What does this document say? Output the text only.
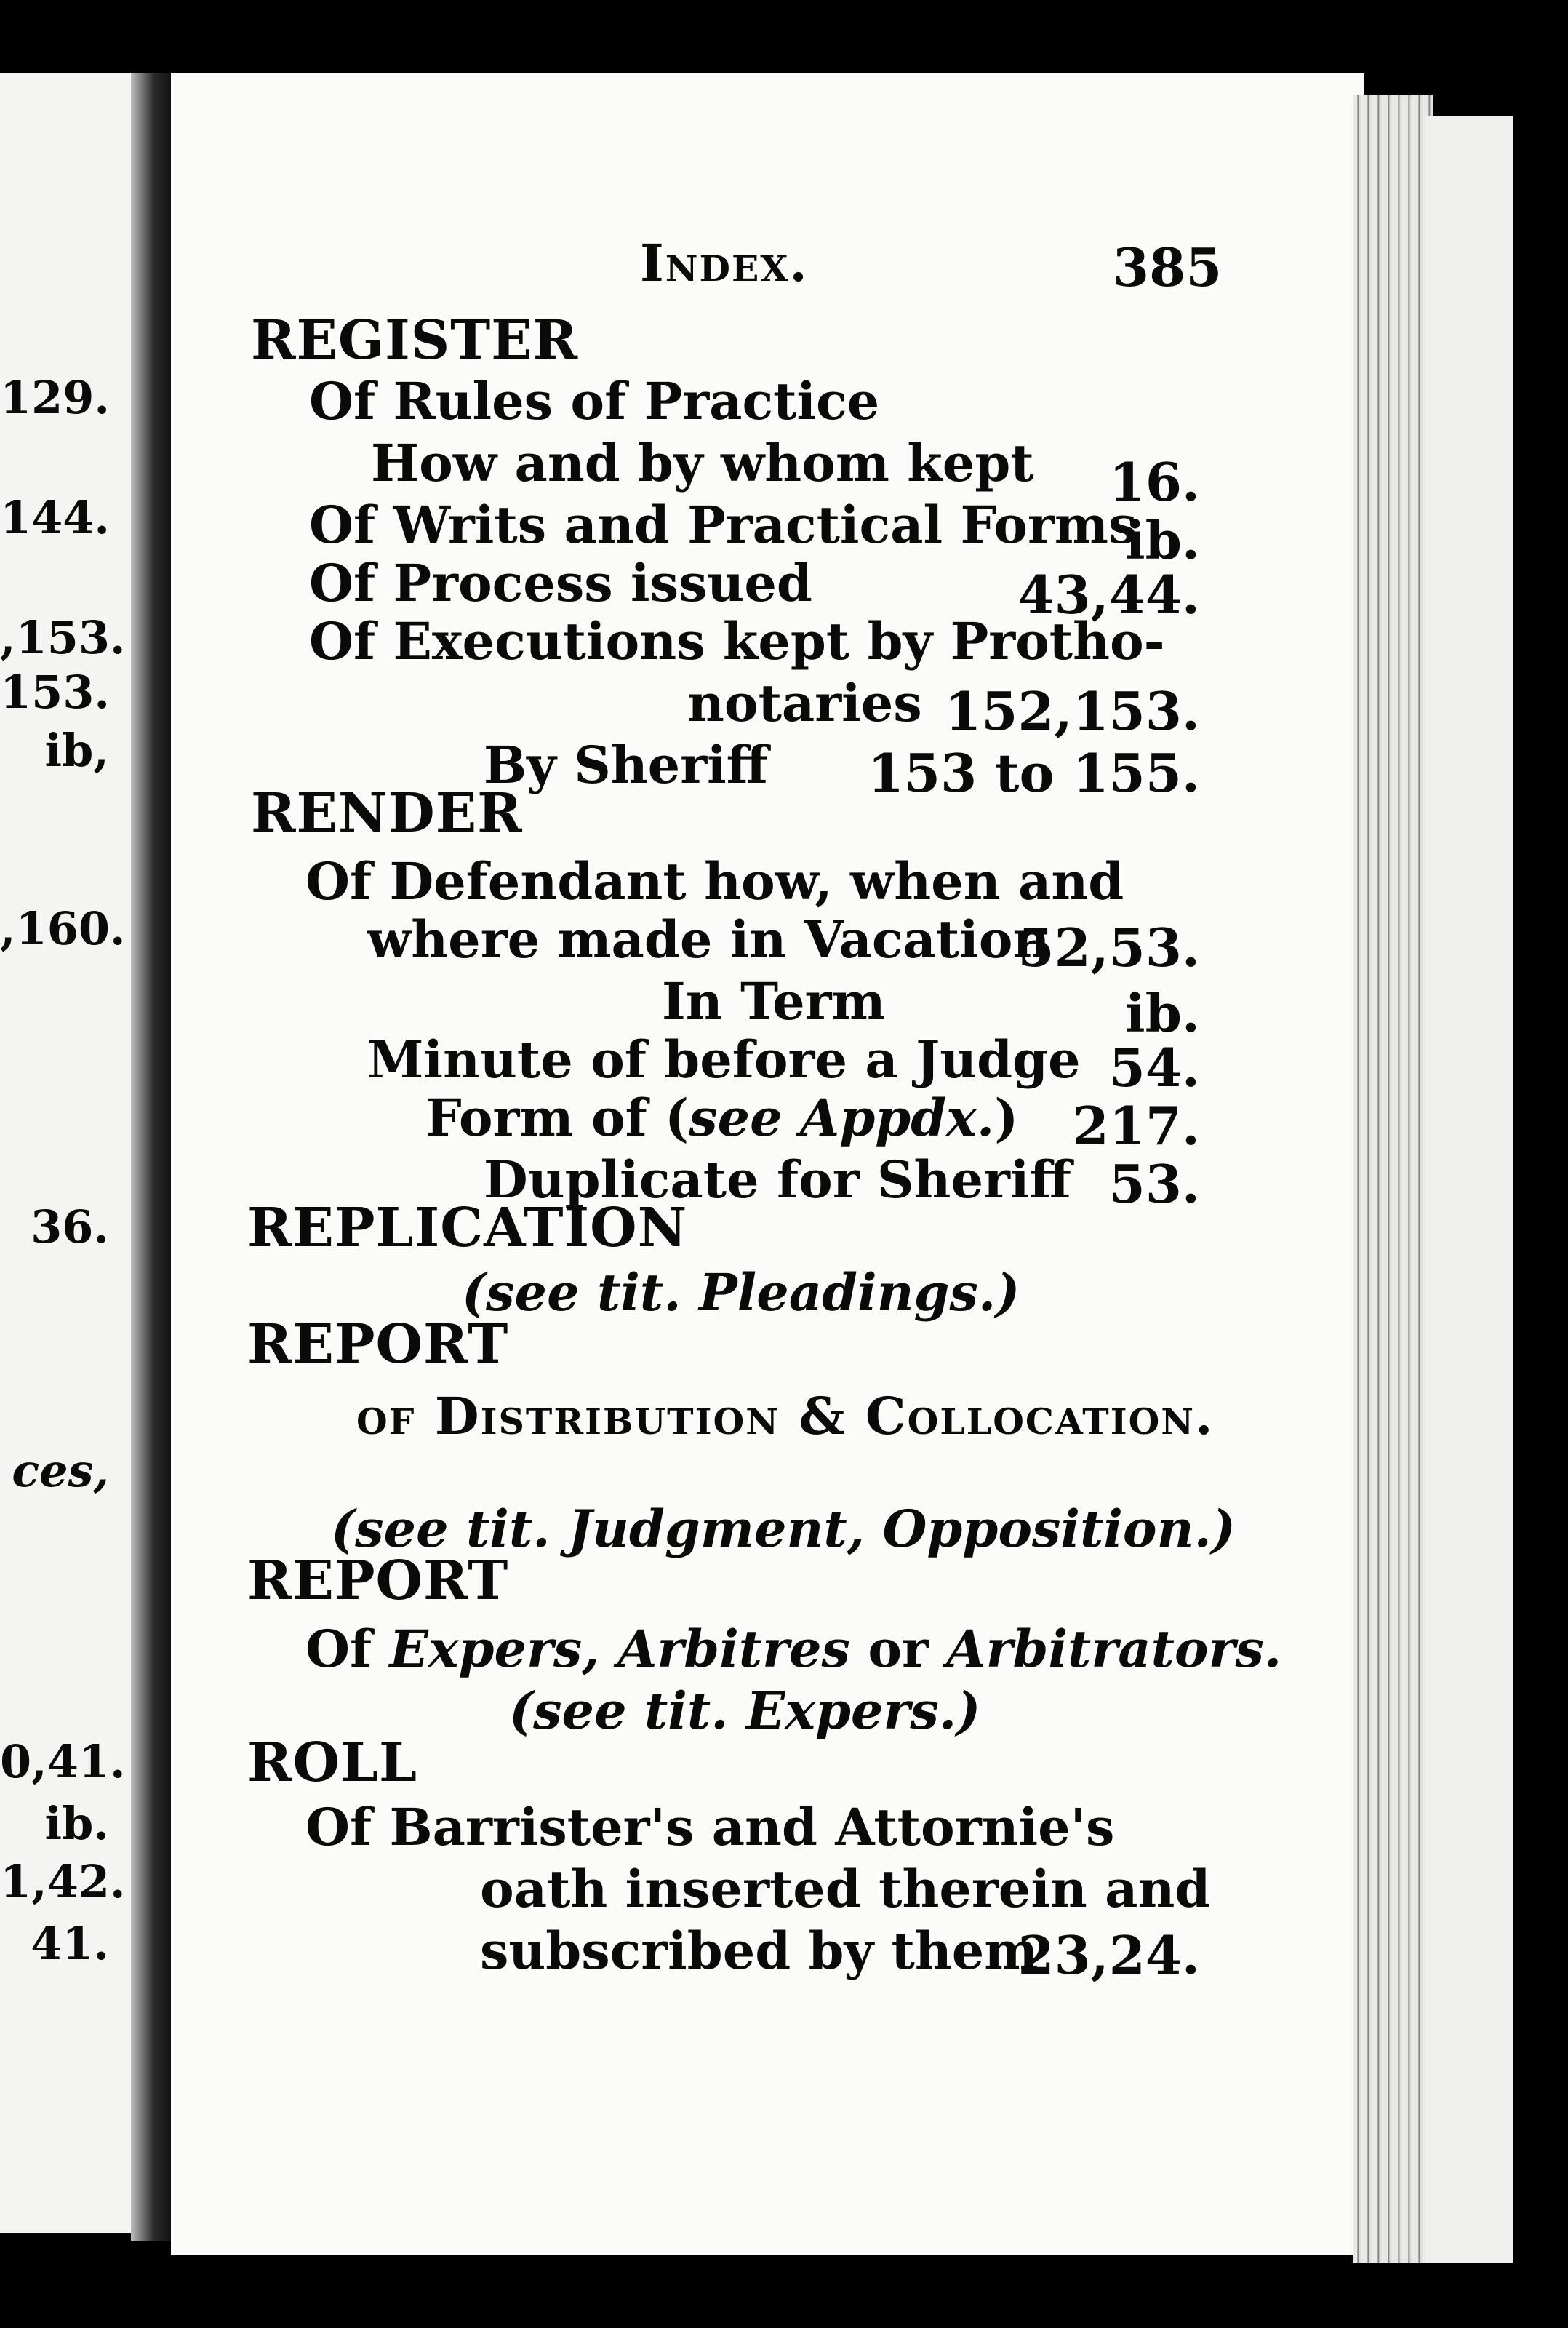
129.
144.
,153.
153.
ib,
,160.
36.
ces,
0,41.
ib.
1,42.
41.
Index.	385
REGISTER
Of Rules of Practice
How and by whom kept
Of Writs and Practical Forms
Of Process issued
Of Executions kept by Protho-
notaries
By Sheriff
RENDER
Of Defendant how, when and
where made in Vacation
In Term
Minute of before a Judge
Form of (see Appdx.)
Duplicate for Sheriff
REPLICATION
(see tit. Pleadings.)
REPORT
of Distribution & Collocation.
(see tit. Judgment, Opposition.)
REPORT
Of Expers, Arbitres or Arbitrators.
(see tit. Expers.)
ROLL
Of Barrister's and Attornie's
oath inserted therein and
subscribed by them
16.
ib.
43,44.
152,153.
153 to 155.
52,53.
ib.
54.
217.
53.
23,24.
